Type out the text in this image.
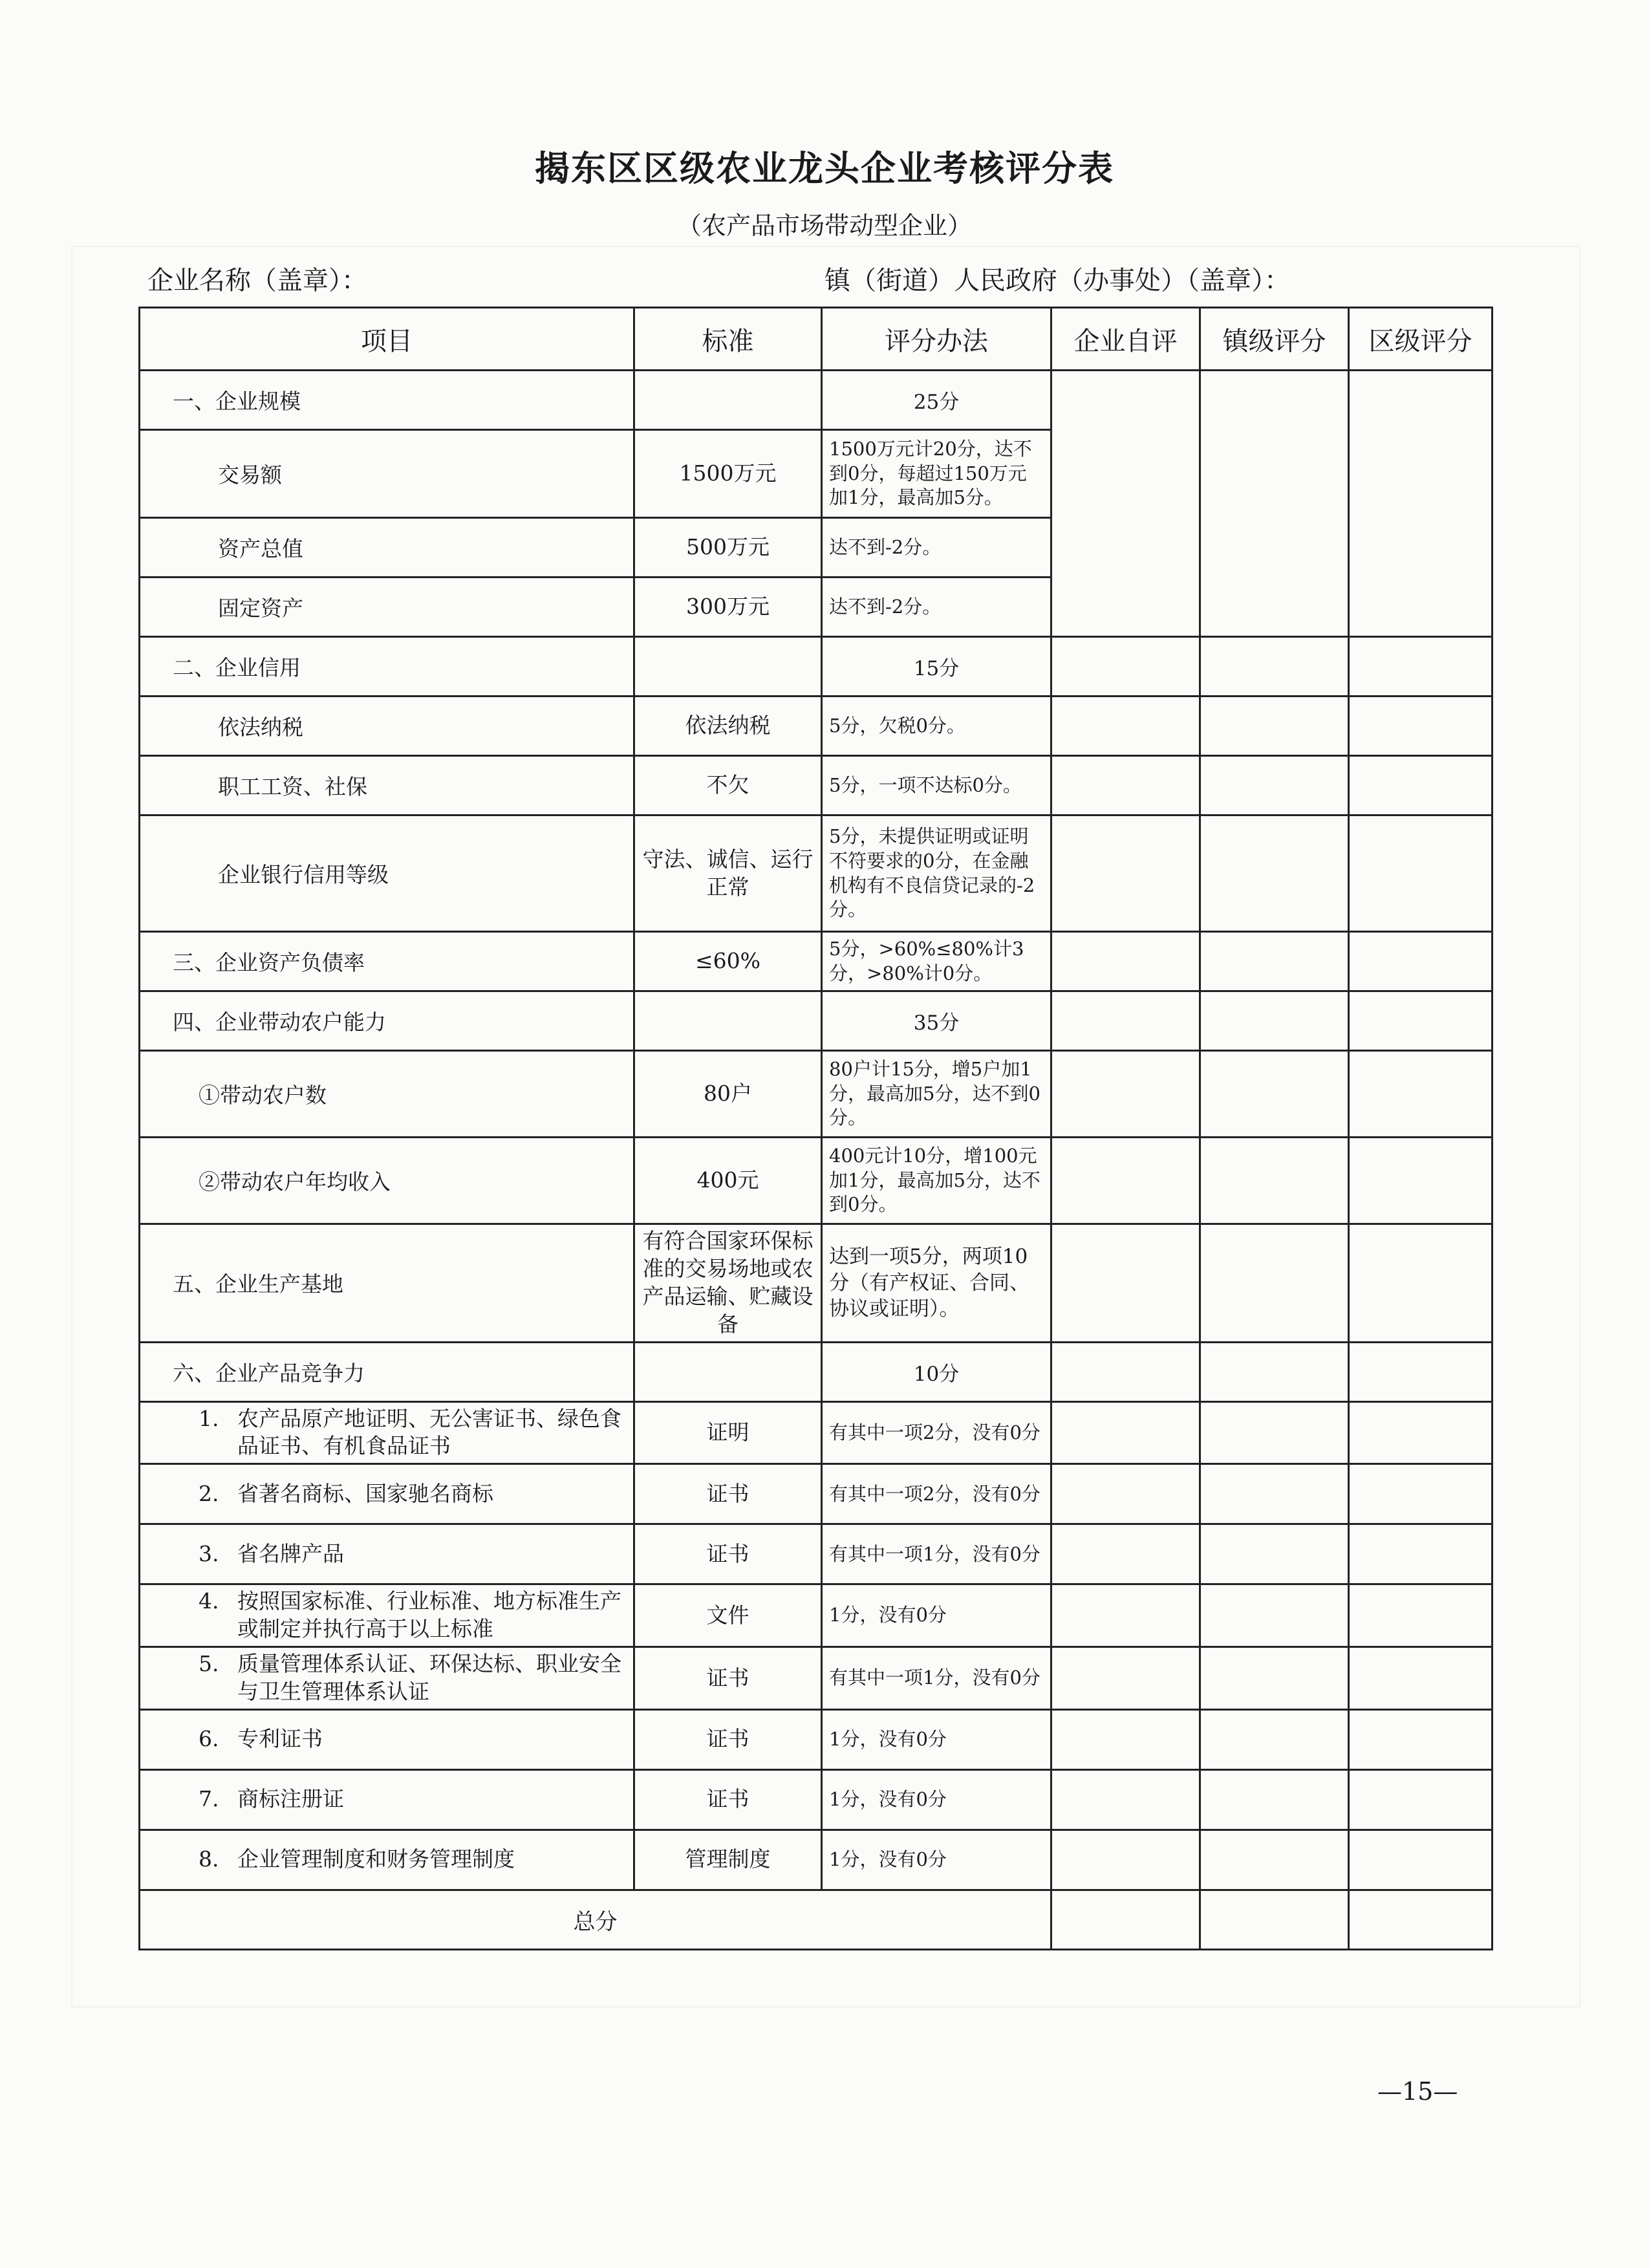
揭东区区级农业龙头企业考核评分表
（农产品市场带动型企业）
企业名称（盖章）：	镇（街道）人民政府（办事处）（盖章）：
项目	标准	评分办法	企业自评	镇级评分	区级评分
一、企业规模		25分			
交易额	1500万元	1500万元计20分，达不到0分，每超过150万元加1分，最高加5分。			
资产总值	500万元	达不到-2分。			
固定资产	300万元	达不到-2分。			
二、企业信用		15分			
依法纳税	依法纳税	5分，欠税0分。			
职工工资、社保	不欠	5分，一项不达标0分。			
企业银行信用等级	守法、诚信、运行正常	5分，未提供证明或证明不符要求的0分，在金融机构有不良信贷记录的-2分。			
三、企业资产负债率	≤60%	5分，>60%≤80%计3分，>80%计0分。			
四、企业带动农户能力		35分			
①带动农户数	80户	80户计15分，增5户加1分，最高加5分，达不到0分。			
②带动农户年均收入	400元	400元计10分，增100元加1分，最高加5分，达不到0分。			
五、企业生产基地	有符合国家环保标准的交易场地或农产品运输、贮藏设备	达到一项5分，两项10分（有产权证、合同、协议或证明）。			
六、企业产品竞争力		10分			

1. 农产品原产地证明、无公害证书、绿色食品证书、有机食品证书	证明	有其中一项2分，没有0分			

2. 省著名商标、国家驰名商标	证书	有其中一项2分，没有0分			

3. 省名牌产品	证书	有其中一项1分，没有0分			

4. 按照国家标准、行业标准、地方标准生产或制定并执行高于以上标准	文件	1分，没有0分			

5. 质量管理体系认证、环保达标、职业安全与卫生管理体系认证	证书	有其中一项1分，没有0分			

6. 专利证书	证书	1分，没有0分			

7. 商标注册证	证书	1分，没有0分			

8. 企业管理制度和财务管理制度	管理制度	1分，没有0分			
总分					
—15—
